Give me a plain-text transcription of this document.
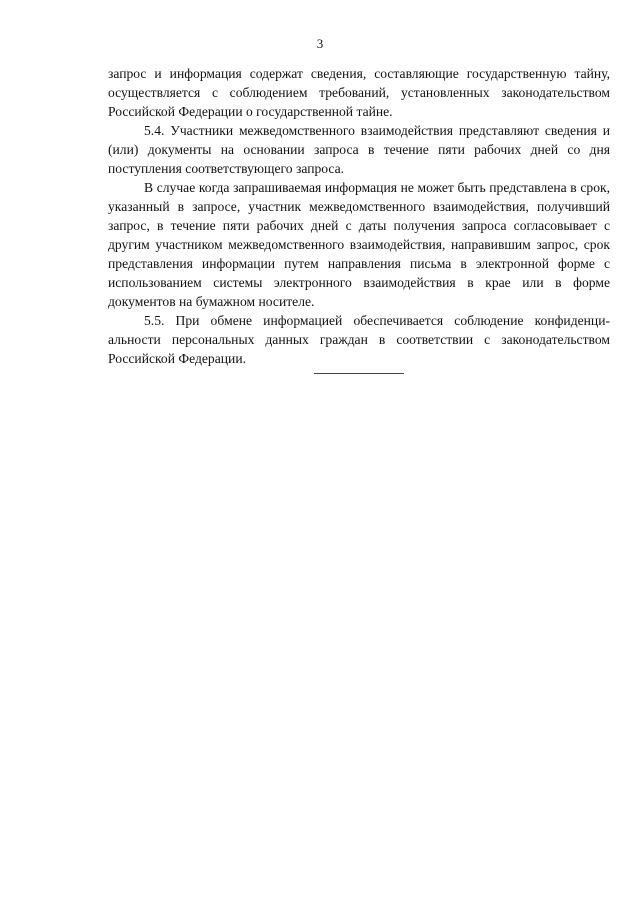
3

запрос и информация содержат сведения, составляющие государственную тайну, осуществляется с соблюдением требований, установленных законодательством Российской Федерации о государственной тайне.

5.4. Участники межведомственного взаимодействия представляют сведения и (или) документы на основании запроса в течение пяти рабочих дней со дня поступления соответствующего запроса.

В случае когда запрашиваемая информация не может быть представлена в срок, указанный в запросе, участник межведомственного взаимодействия, получивший запрос, в течение пяти рабочих дней с даты получения запроса согласовывает с другим участником межведомственного взаимодействия, направившим запрос, срок представления информации путем направления письма в электронной форме с использованием системы электронного взаимодействия в крае или в форме документов на бумажном носителе.

5.5. При обмене информацией обеспечивается соблюдение конфиденциальности персональных данных граждан в соответствии с законодательством Российской Федерации.
